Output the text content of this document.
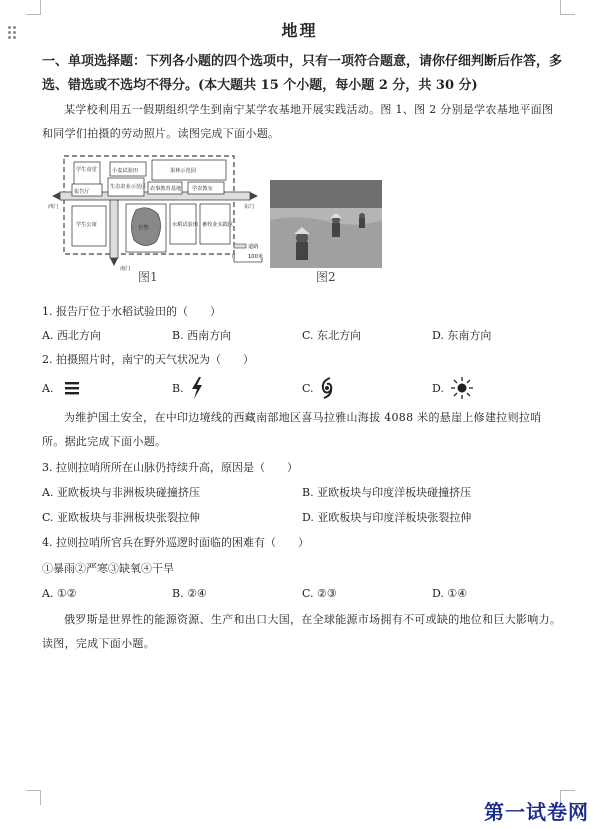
地理
一、单项选择题：下列各小题的四个选项中，只有一项符合题意，请你仔细判断后作答，多选、错选或不选均不得分。(本大题共 15 个小题，每小题 2 分，共 30 分)
某学校利用五一假期组织学生到南宁某学农基地开展实践活动。图 1、图 2 分别是学农基地平面图和同学们拍摄的劳动照片。读图完成下面小题。
学生食堂	小麦试验田	果林示范园
报告厅
生态农业示范区 农事教育基地 学农教室
学生公寓	自然	水稻试验田 畜牧业实践区
西门	东门
南门
道路
0 100米
图1	图2
1. 报告厅位于水稻试验田的（　　）
A. 西北方向	B. 西南方向	C. 东北方向	D. 东南方向
2. 拍摄照片时，南宁的天气状况为（　　）
A.	B.	C.	D.
为维护国土安全，在中印边境线的西藏南部地区喜马拉雅山海拔 4088 米的悬崖上修建拉则拉哨所。据此完成下面小题。
3. 拉则拉哨所所在山脉仍持续升高，原因是（　　）
A. 亚欧板块与非洲板块碰撞挤压	B. 亚欧板块与印度洋板块碰撞挤压
C. 亚欧板块与非洲板块张裂拉伸	D. 亚欧板块与印度洋板块张裂拉伸
4. 拉则拉哨所官兵在野外巡逻时面临的困难有（　　）
①暴雨②严寒③缺氧④干旱
A. ①②	B. ②④	C. ②③	D. ①④
俄罗斯是世界性的能源资源、生产和出口大国，在全球能源市场拥有不可或缺的地位和巨大影响力。读图，完成下面小题。
第一试卷网
